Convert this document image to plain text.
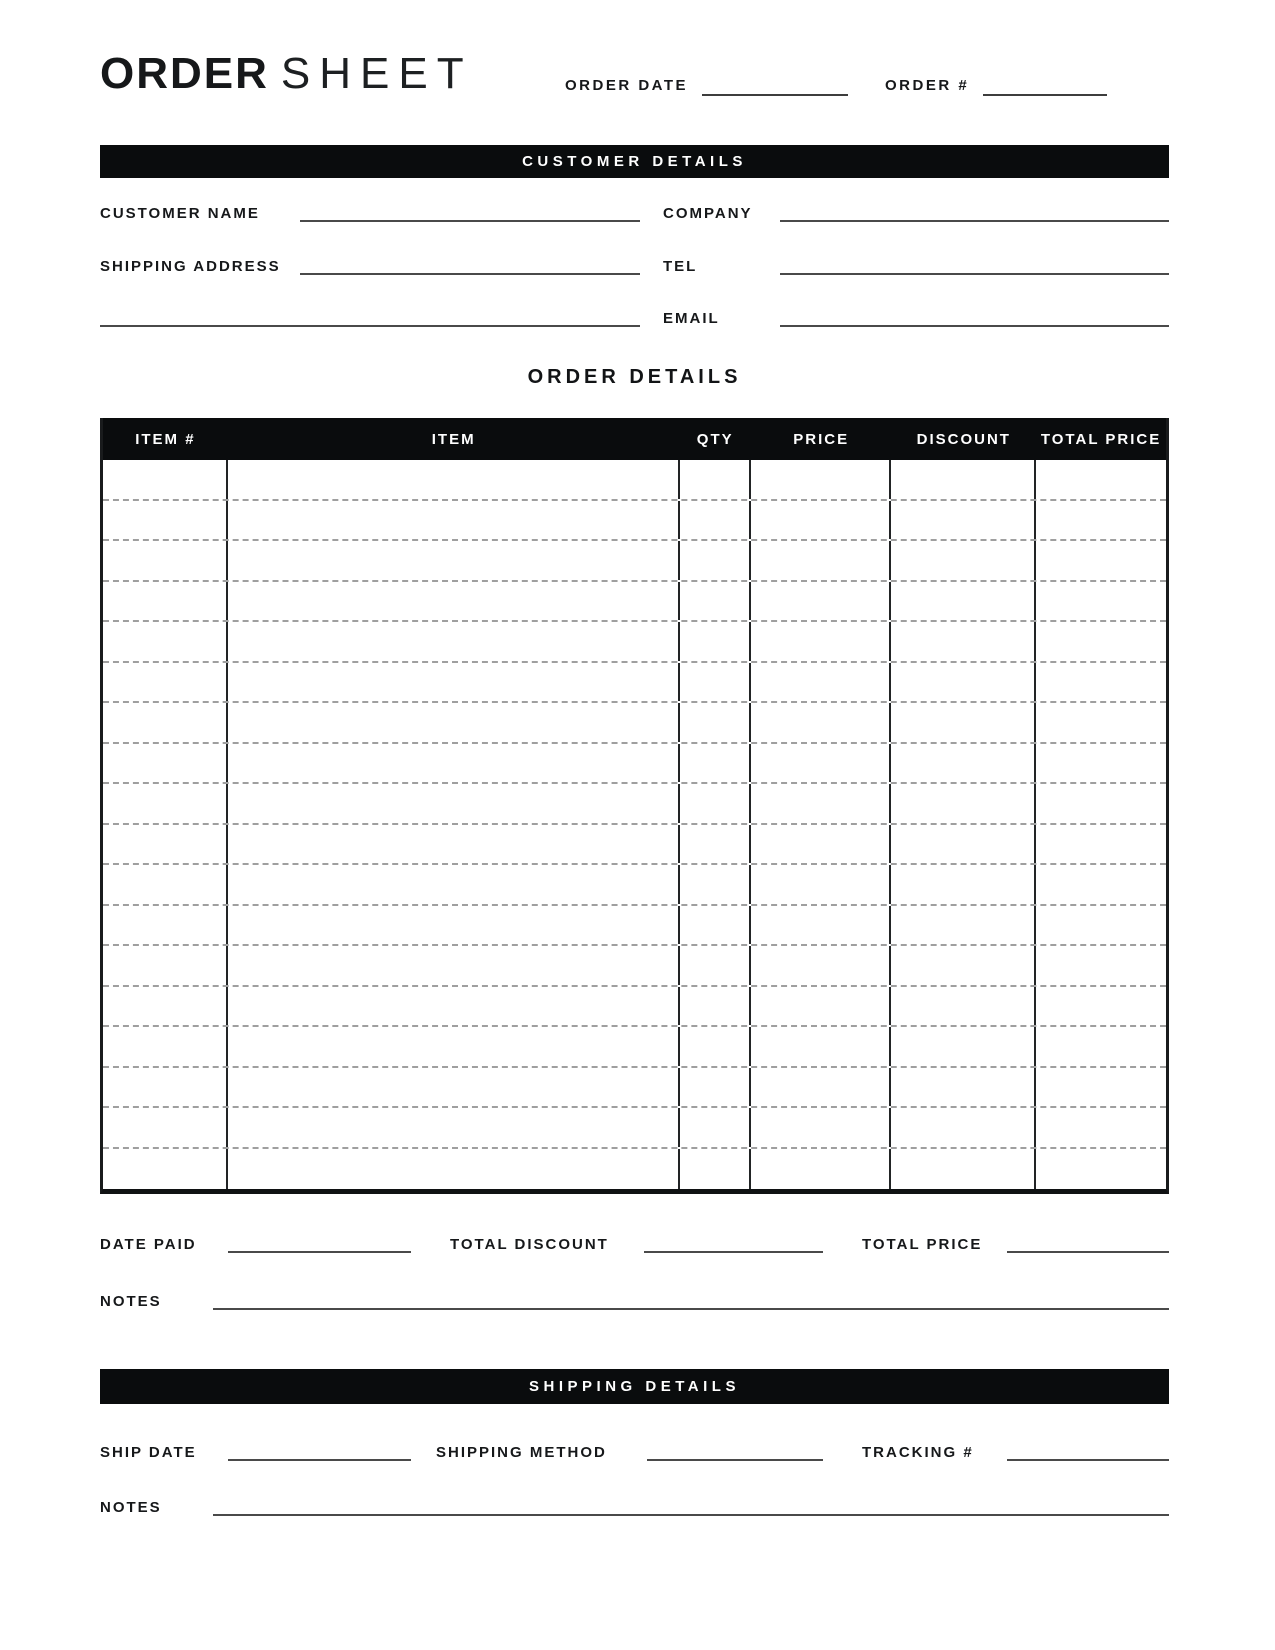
ORDER SHEET	ORDER DATE	ORDER #
CUSTOMER DETAILS
CUSTOMER NAME	COMPANY
SHIPPING ADDRESS	TEL
EMAIL
ORDER DETAILS
ITEM #	ITEM	QTY	PRICE	DISCOUNT	TOTAL PRICE
DATE PAID	TOTAL DISCOUNT	TOTAL PRICE
NOTES
SHIPPING DETAILS
SHIP DATE	SHIPPING METHOD	TRACKING #
NOTES
